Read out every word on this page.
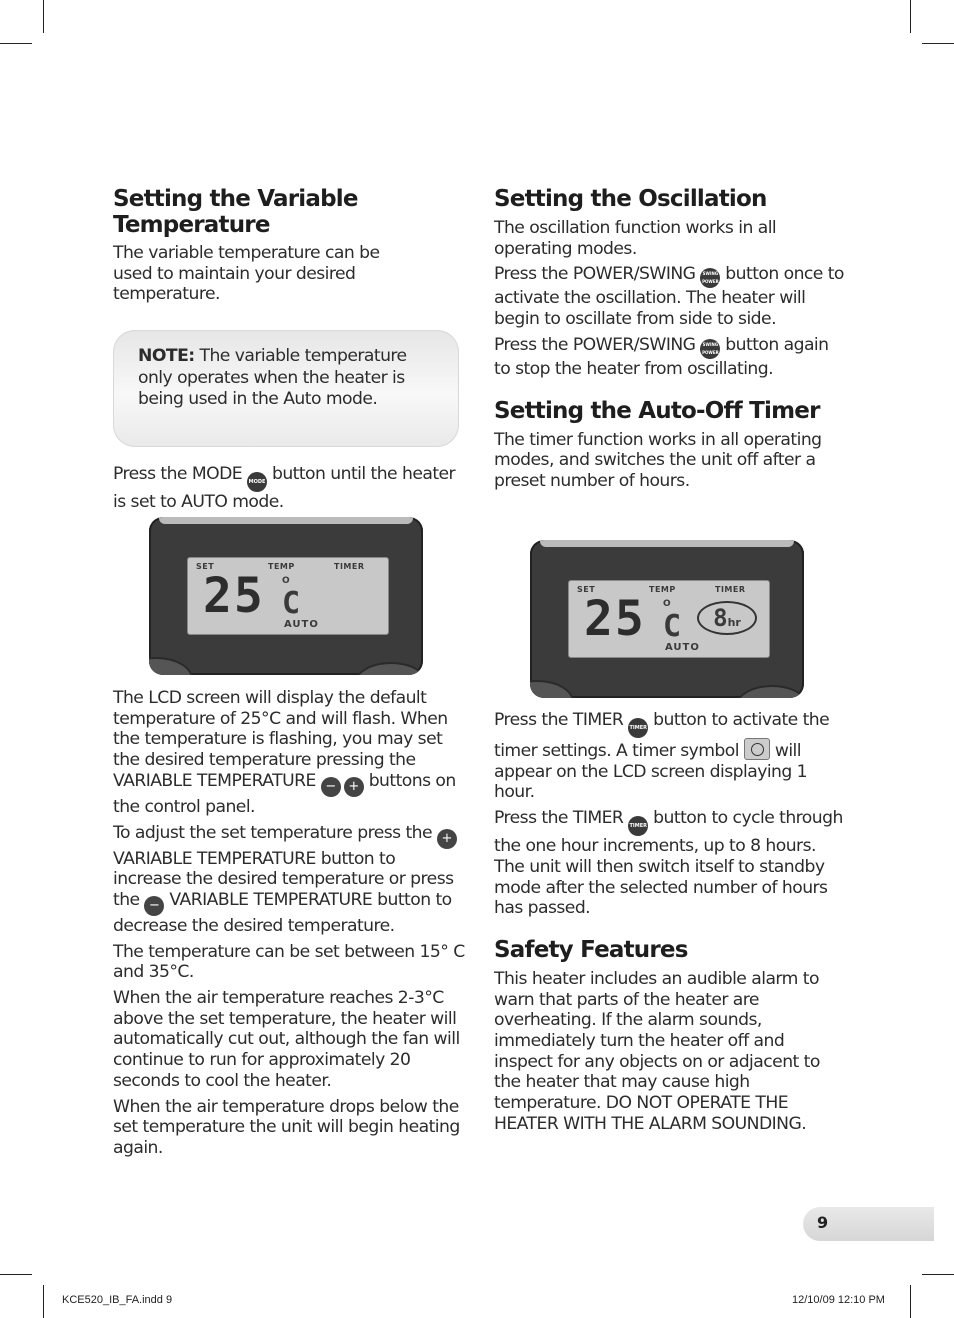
Setting the Variable Temperature

The variable temperature can be used to maintain your desired temperature.

NOTE: The variable temperature only operates when the heater is being used in the Auto mode.

Press the MODE MODE button until the heater is set to AUTO mode.

SET	TEMP	TIMER
O
25 C
AUTO

The LCD screen will display the default temperature of 25°C and will flash. When the temperature is flashing, you may set the desired temperature pressing the VARIABLE TEMPERATURE − + buttons on the control panel.

To adjust the set temperature press the + VARIABLE TEMPERATURE button to increase the desired temperature or press the − VARIABLE TEMPERATURE button to decrease the desired temperature.

The temperature can be set between 15° C and 35°C.

When the air temperature reaches 2-3°C above the set temperature, the heater will automatically cut out, although the fan will continue to run for approximately 20 seconds to cool the heater.

When the air temperature drops below the set temperature the unit will begin heating again.

Setting the Oscillation

The oscillation function works in all operating modes.

Press the POWER/SWING SWING POWER button once to activate the oscillation. The heater will begin to oscillate from side to side.

Press the POWER/SWING SWING POWER button again to stop the heater from oscillating.

Setting the Auto-Off Timer

The timer function works in all operating modes, and switches the unit off after a preset number of hours.

SET	TEMP	TIMER
O
25 C	8hr
AUTO

Press the TIMER TIMER button to activate the timer settings. A timer symbol will appear on the LCD screen displaying 1 hour.

Press the TIMER TIMER button to cycle through the one hour increments, up to 8 hours. The unit will then switch itself to standby mode after the selected number of hours has passed.

Safety Features

This heater includes an audible alarm to warn that parts of the heater are overheating. If the alarm sounds, immediately turn the heater off and inspect for any objects on or adjacent to the heater that may cause high temperature. DO NOT OPERATE THE HEATER WITH THE ALARM SOUNDING.

9
KCE520_IB_FA.indd 9	12/10/09 12:10 PM
